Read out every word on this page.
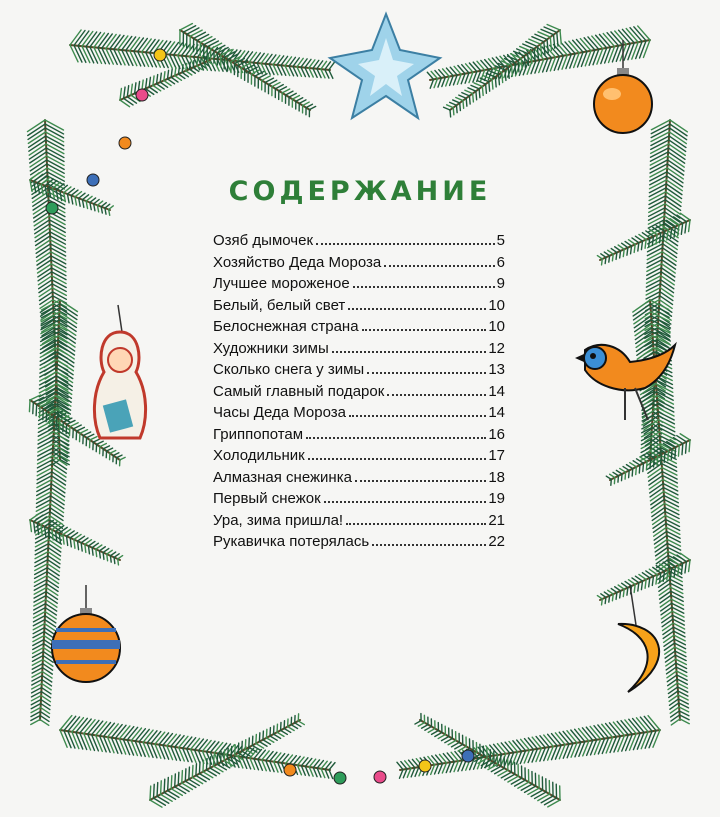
СОДЕРЖАНИЕ
Озяб дымочек	5
Хозяйство Деда Мороза	6
Лучшее мороженое	9
Белый, белый свет	10
Белоснежная страна	10
Художники зимы	12
Сколько снега у зимы	13
Самый главный подарок	14
Часы Деда Мороза	14
Гриппопотам	16
Холодильник	17
Алмазная снежинка	18
Первый снежок	19
Ура, зима пришла!	21
Рукавичка потерялась	22
